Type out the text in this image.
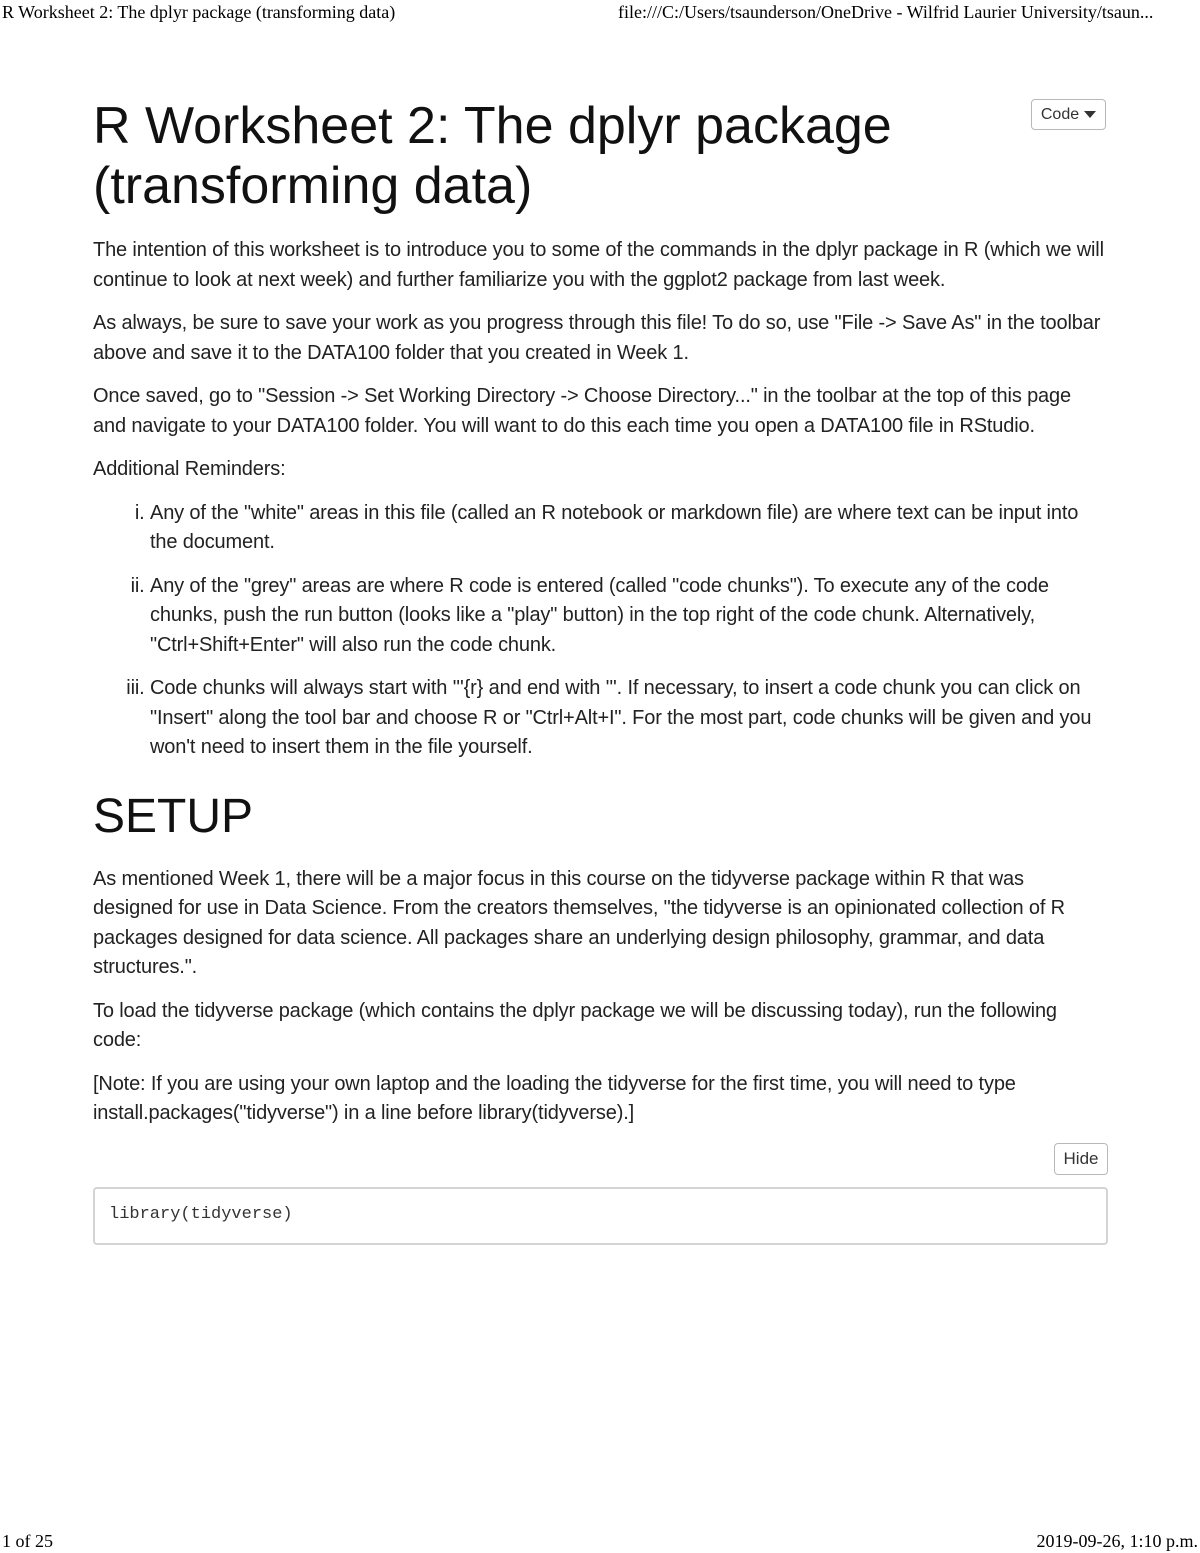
R Worksheet 2: The dplyr package (transforming data)	file:///C:/Users/tsaunderson/OneDrive - Wilfrid Laurier University/tsaun...
Code
R Worksheet 2: The dplyr package (transforming data)

The intention of this worksheet is to introduce you to some of the commands in the dplyr package in R (which we will continue to look at next week) and further familiarize you with the ggplot2 package from last week.

As always, be sure to save your work as you progress through this file! To do so, use "File -> Save As" in the toolbar above and save it to the DATA100 folder that you created in Week 1.

Once saved, go to "Session -> Set Working Directory -> Choose Directory..." in the toolbar at the top of this page and navigate to your DATA100 folder. You will want to do this each time you open a DATA100 file in RStudio.

Additional Reminders:

i. Any of the "white" areas in this file (called an R notebook or markdown file) are where text can be input into the document.
ii. Any of the "grey" areas are where R code is entered (called "code chunks"). To execute any of the code chunks, push the run button (looks like a "play" button) in the top right of the code chunk. Alternatively, "Ctrl+Shift+Enter" will also run the code chunk.
iii. Code chunks will always start with '''{r} and end with '''. If necessary, to insert a code chunk you can click on "Insert" along the tool bar and choose R or "Ctrl+Alt+I". For the most part, code chunks will be given and you won't need to insert them in the file yourself.
SETUP

As mentioned Week 1, there will be a major focus in this course on the tidyverse package within R that was designed for use in Data Science. From the creators themselves, "the tidyverse is an opinionated collection of R packages designed for data science. All packages share an underlying design philosophy, grammar, and data structures.".

To load the tidyverse package (which contains the dplyr package we will be discussing today), run the following code:

[Note: If you are using your own laptop and the loading the tidyverse for the first time, you will need to type install.packages("tidyverse") in a line before library(tidyverse).]

Hide
library(tidyverse)
1 of 25	2019-09-26, 1:10 p.m.
